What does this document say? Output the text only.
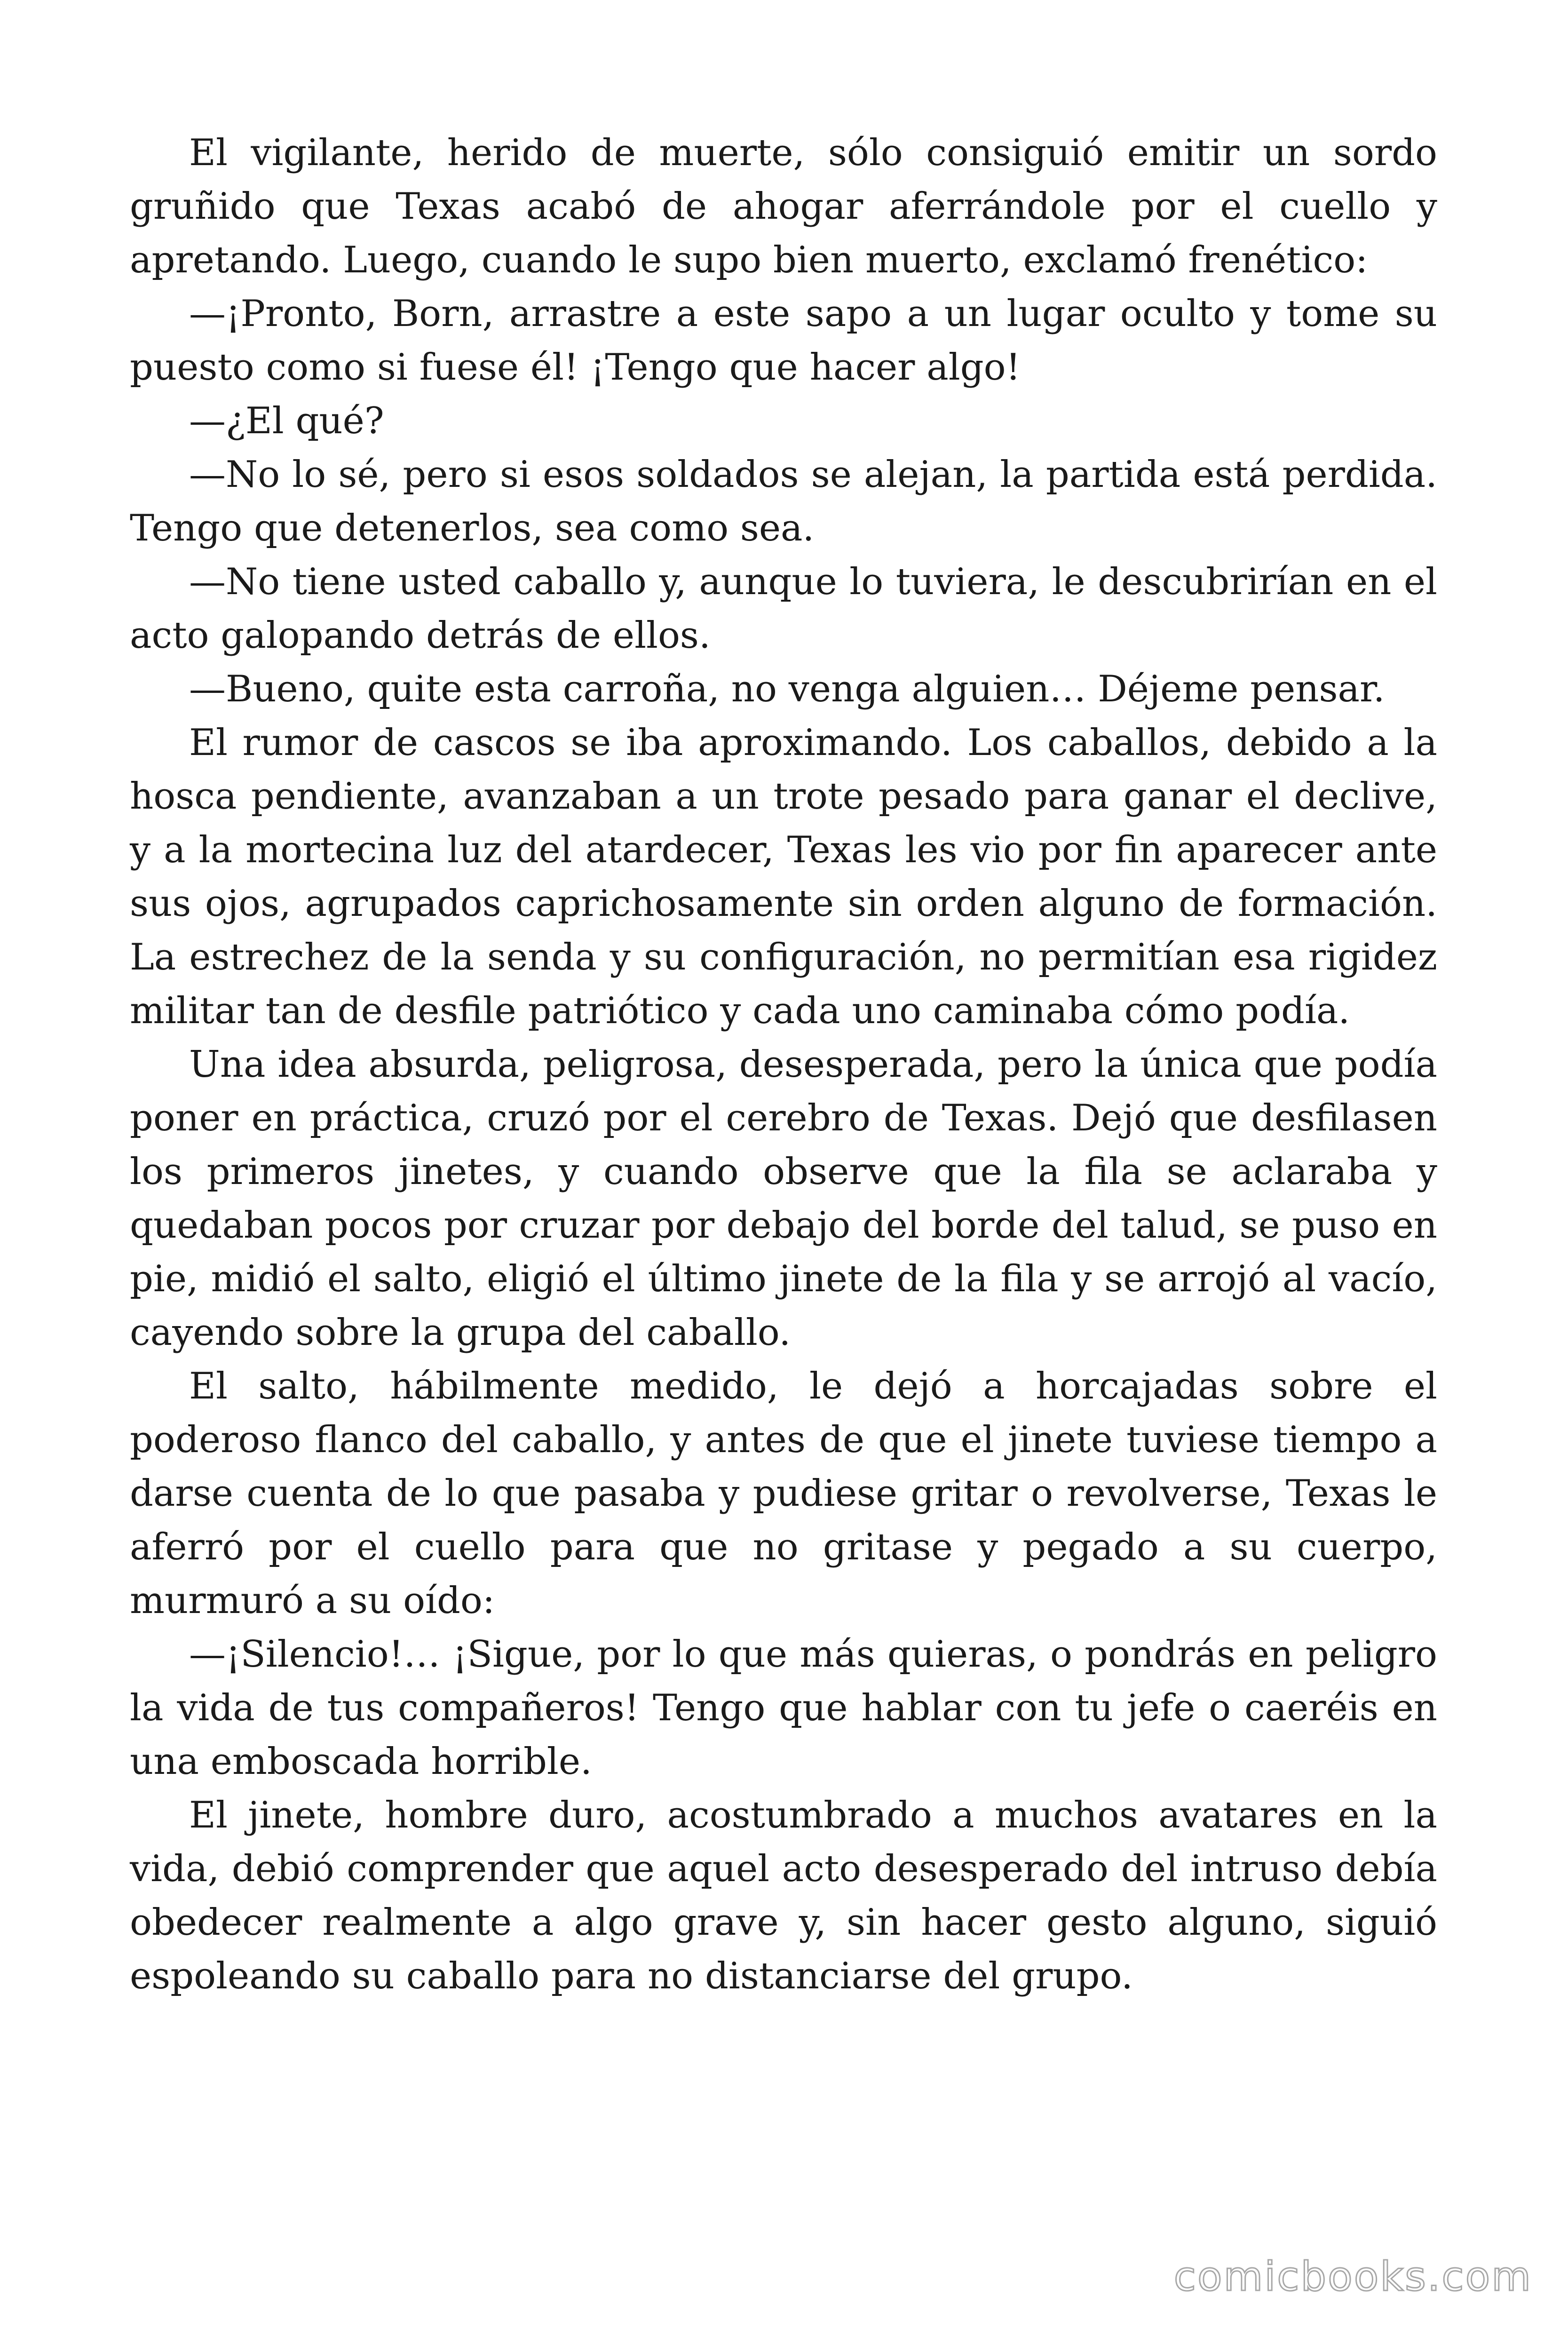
El vigilante, herido de muerte, sólo consiguió emitir un sordo gruñido que Texas acabó de ahogar aferrándole por el cuello y apretando. Luego, cuando le supo bien muerto, exclamó frenético:

—¡Pronto, Born, arrastre a este sapo a un lugar oculto y tome su puesto como si fuese él! ¡Tengo que hacer algo!

—¿El qué?

—No lo sé, pero si esos soldados se alejan, la partida está perdida. Tengo que detenerlos, sea como sea.

—No tiene usted caballo y, aunque lo tuviera, le descubrirían en el acto galopando detrás de ellos.

—Bueno, quite esta carroña, no venga alguien… Déjeme pensar.

El rumor de cascos se iba aproximando. Los caballos, debido a la hosca pendiente, avanzaban a un trote pesado para ganar el declive, y a la mortecina luz del atardecer, Texas les vio por fin aparecer ante sus ojos, agrupados caprichosamente sin orden alguno de formación. La estrechez de la senda y su configuración, no permitían esa rigidez militar tan de desfile patriótico y cada uno caminaba cómo podía.

Una idea absurda, peligrosa, desesperada, pero la única que podía poner en práctica, cruzó por el cerebro de Texas. Dejó que desfilasen los primeros jinetes, y cuando observe que la fila se aclaraba y quedaban pocos por cruzar por debajo del borde del talud, se puso en pie, midió el salto, eligió el último jinete de la fila y se arrojó al vacío, cayendo sobre la grupa del caballo.

El salto, hábilmente medido, le dejó a horcajadas sobre el poderoso flanco del caballo, y antes de que el jinete tuviese tiempo a darse cuenta de lo que pasaba y pudiese gritar o revolverse, Texas le aferró por el cuello para que no gritase y pegado a su cuerpo, murmuró a su oído:

—¡Silencio!… ¡Sigue, por lo que más quieras, o pondrás en peligro la vida de tus compañeros! Tengo que hablar con tu jefe o caeréis en una emboscada horrible.

El jinete, hombre duro, acostumbrado a muchos avatares en la vida, debió comprender que aquel acto desesperado del intruso debía obedecer realmente a algo grave y, sin hacer gesto alguno, siguió espoleando su caballo para no distanciarse del grupo.

comicbooks.com
